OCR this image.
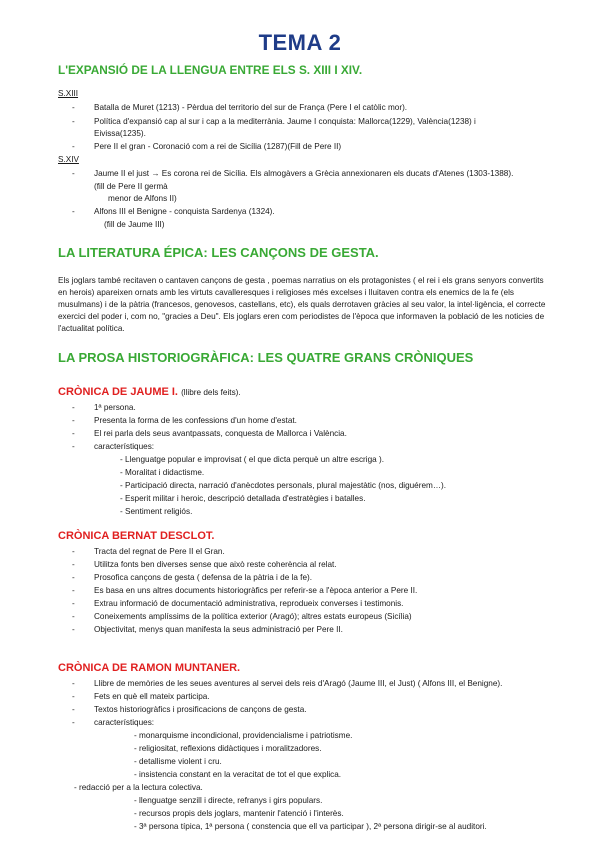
TEMA 2
L'EXPANSIÓ DE LA LLENGUA ENTRE ELS S. XIII I XIV.
S.XIII
- Batalla de Muret (1213) - Pèrdua del territorio del sur de França (Pere I el catòlic mor).
- Política d'expansió cap al sur i cap a la mediterrània. Jaume I conquista: Mallorca(1229), València(1238) i
Eivissa(1235).
- Pere II el gran - Coronació com a rei de Sicília (1287)(Fill de Pere II)
S.XIV
- Jaume II el just → Es corona rei de Sicília. Els almogàvers a Grècia annexionaren els ducats d'Atenes (1303-1388).
(fill de Pere II germà
menor de Alfons II)
- Alfons III el Benigne - conquista Sardenya (1324).
(fill de Jaume III)
LA LITERATURA ÉPICA: LES CANÇONS DE GESTA.
Els joglars també recitaven o cantaven cançons de gesta , poemas narratius on els protagonistes ( el rei i els grans senyors convertits en herois) apareixen ornats amb les virtuts cavalleresques i religioses més excelses i lluitaven contra els enemics de la fe (els musulmans) i de la pàtria (francesos, genovesos, castellans, etc), els quals derrotaven gràcies al seu valor, la intel·ligència, el correcte exercici del poder i, com no, "gracies a Deu". Els joglars eren com periodistes de l'època que informaven la població de les noticies de l'actualitat política.
LA PROSA HISTORIOGRÀFICA: LES QUATRE GRANS CRÒNIQUES
CRÒNICA DE JAUME I. (llibre dels feits).
- 1ª persona.
- Presenta la forma de les confessions d'un home d'estat.
- El rei parla dels seus avantpassats, conquesta de Mallorca i València.
- característiques:
- Llenguatge popular e improvisat ( el que dicta perquè un altre escriga ).
- Moralitat i didactisme.
- Participació directa, narració d'anècdotes personals, plural majestàtic (nos, diguérem…).
- Esperit militar i heroic, descripció detallada d'estratègies i batalles.
- Sentiment religiós.
CRÒNICA BERNAT DESCLOT.
- Tracta del regnat de Pere II el Gran.
- Utilitza fonts ben diverses sense que això reste coherència al relat.
- Prosofica cançons de gesta ( defensa de la pàtria i de la fe).
- Es basa en uns altres documents historiogràfics per referir-se a l'època anterior a Pere II.
- Extrau informació de documentació administrativa, reprodueix converses i testimonis.
- Coneixements amplíssims de la política exterior (Aragó); altres estats europeus (Sicília)
- Objectivitat, menys quan manifesta la seus administració per Pere II.
CRÒNICA DE RAMON MUNTANER.
- Llibre de memòries de les seues aventures al servei dels reis d'Aragó (Jaume III, el Just) ( Alfons III, el Benigne).
- Fets en què ell mateix participa.
- Textos historiogràfics i prosificacions de cançons de gesta.
- característiques:
- monarquisme incondicional, providencialisme i patriotisme.
- religiositat, reflexions didàctiques i moralitzadores.
- detallisme violent i cru.
- insistencia constant en la veracitat de tot el que explica.
- redacció per a la lectura colectiva.
- llenguatge senzill i directe, refranys i girs populars.
- recursos propis dels joglars, mantenir l'atenció i l'interès.
- 3ª persona típica, 1ª persona ( constencia que ell va participar ), 2ª persona dirigir-se al auditori.
